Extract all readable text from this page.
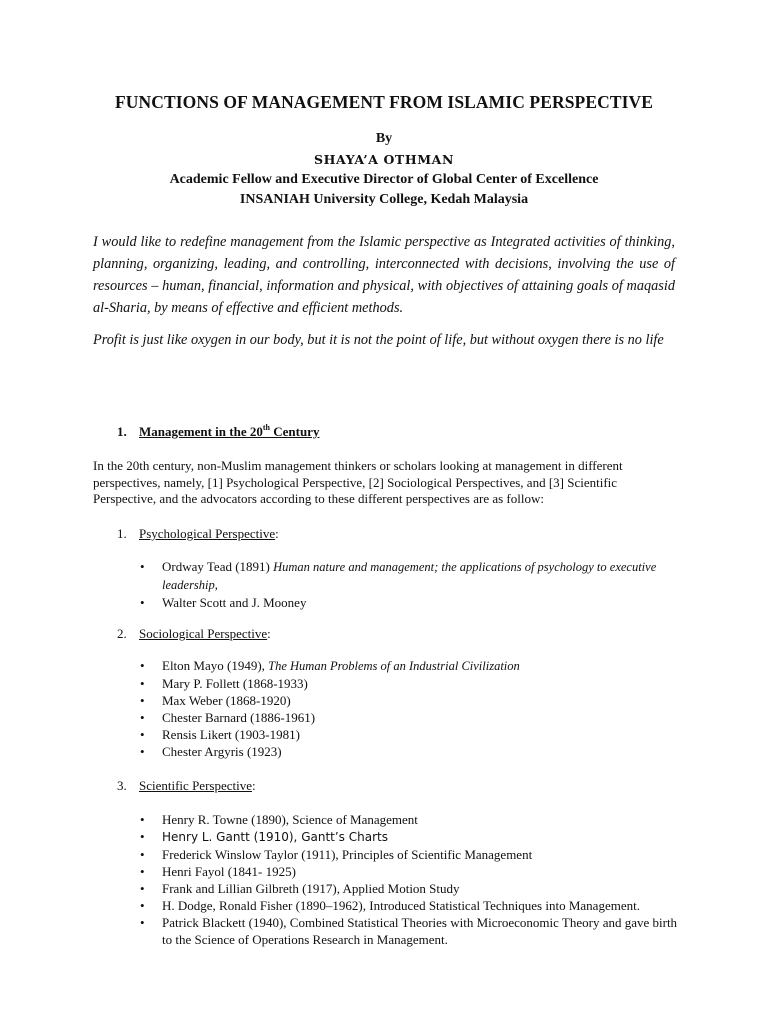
FUNCTIONS OF MANAGEMENT FROM ISLAMIC PERSPECTIVE
By
SHAYA’A OTHMAN
Academic Fellow and Executive Director of Global Center of Excellence
INSANIAH University College, Kedah Malaysia

I would like to redefine management from the Islamic perspective as Integrated activities of thinking, planning, organizing, leading, and controlling, interconnected with decisions, involving the use of resources – human, financial, information and physical, with objectives of attaining goals of maqasid al-Sharia, by means of effective and efficient methods.

Profit is just like oxygen in our body, but it is not the point of life, but without oxygen there is no life

1. Management in the 20th Century

In the 20th century, non-Muslim management thinkers or scholars looking at management in different perspectives, namely, [1] Psychological Perspective, [2] Sociological Perspectives, and [3] Scientific Perspective, and the advocators according to these different perspectives are as follow:

1. Psychological Perspective:
• Ordway Tead (1891) Human nature and management; the applications of psychology to executive leadership,
• Walter Scott and J. Mooney
2. Sociological Perspective:
• Elton Mayo (1949), The Human Problems of an Industrial Civilization
• Mary P. Follett (1868-1933)
• Max Weber (1868-1920)
• Chester Barnard (1886-1961)
• Rensis Likert (1903-1981)
• Chester Argyris (1923)
3. Scientific Perspective:
• Henry R. Towne (1890), Science of Management
• Henry L. Gantt (1910), Gantt’s Charts
• Frederick Winslow Taylor (1911), Principles of Scientific Management
• Henri Fayol (1841- 1925)
• Frank and Lillian Gilbreth (1917), Applied Motion Study
• H. Dodge, Ronald Fisher (1890–1962), Introduced Statistical Techniques into Management.
• Patrick Blackett (1940), Combined Statistical Theories with Microeconomic Theory and gave birth to the Science of Operations Research in Management.
